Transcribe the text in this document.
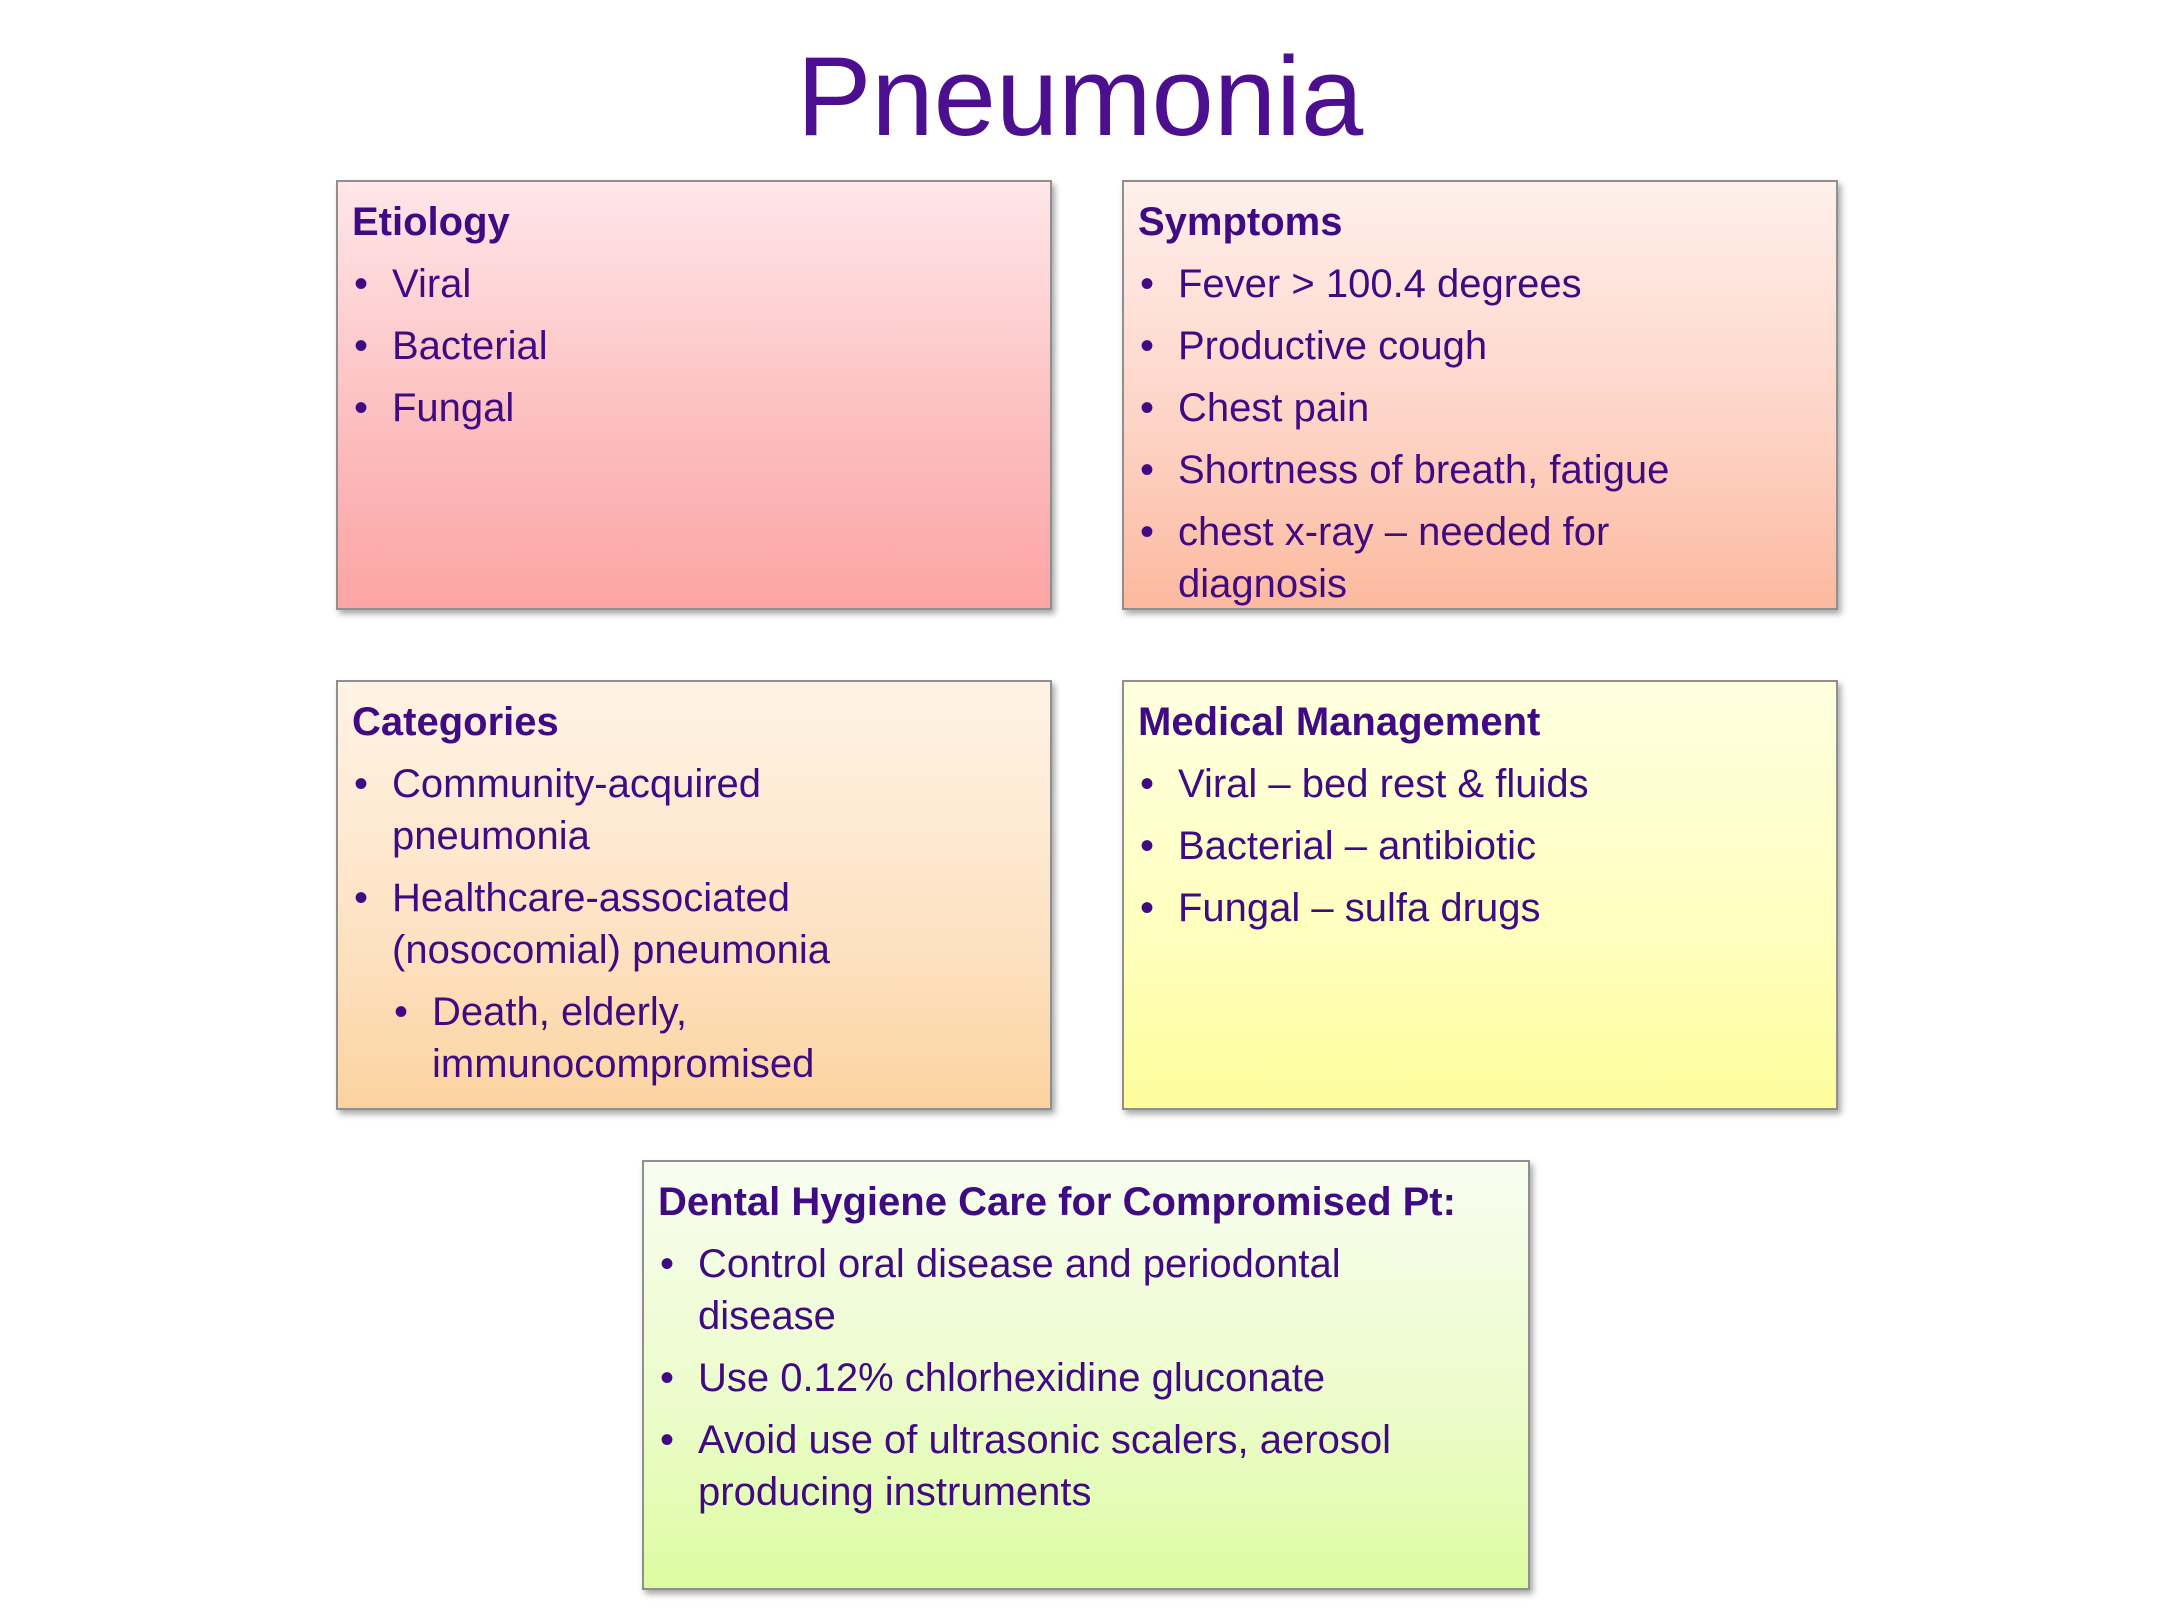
Pneumonia
Etiology
• Viral
• Bacterial
• Fungal
Symptoms
• Fever > 100.4 degrees
• Productive cough
• Chest pain
• Shortness of breath, fatigue
• chest x-ray – needed for diagnosis
Categories
• Community-acquired pneumonia
• Healthcare-associated (nosocomial) pneumonia
• Death, elderly, immunocompromised
Medical Management
• Viral – bed rest & fluids
• Bacterial – antibiotic
• Fungal – sulfa drugs
Dental Hygiene Care for Compromised Pt:
• Control oral disease and periodontal disease
• Use 0.12% chlorhexidine gluconate
• Avoid use of ultrasonic scalers, aerosol producing instruments
